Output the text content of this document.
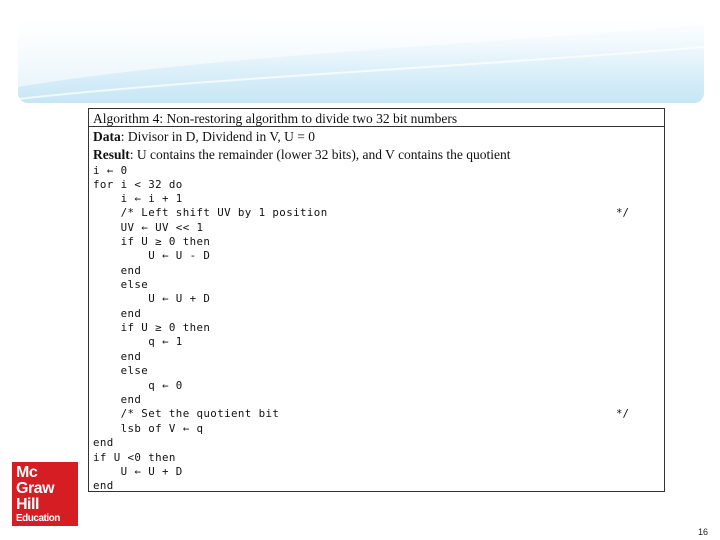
Algorithm 4: Non-restoring algorithm to divide two 32 bit numbers
Data: Divisor in D, Dividend in V, U = 0
Result: U contains the remainder (lower 32 bits), and V contains the quotient
i ← 0
for i < 32 do
i ← i + 1
/* Left shift UV by 1 position	*/
UV ← UV << 1
if U ≥ 0 then
U ← U - D
end
else
U ← U + D
end
if U ≥ 0 then
q ← 1
end
else
q ← 0
end
/* Set the quotient bit	*/
lsb of V ← q
end
if U <0 then
U ← U + D
end
Mc
Graw
Hill
Education
16
